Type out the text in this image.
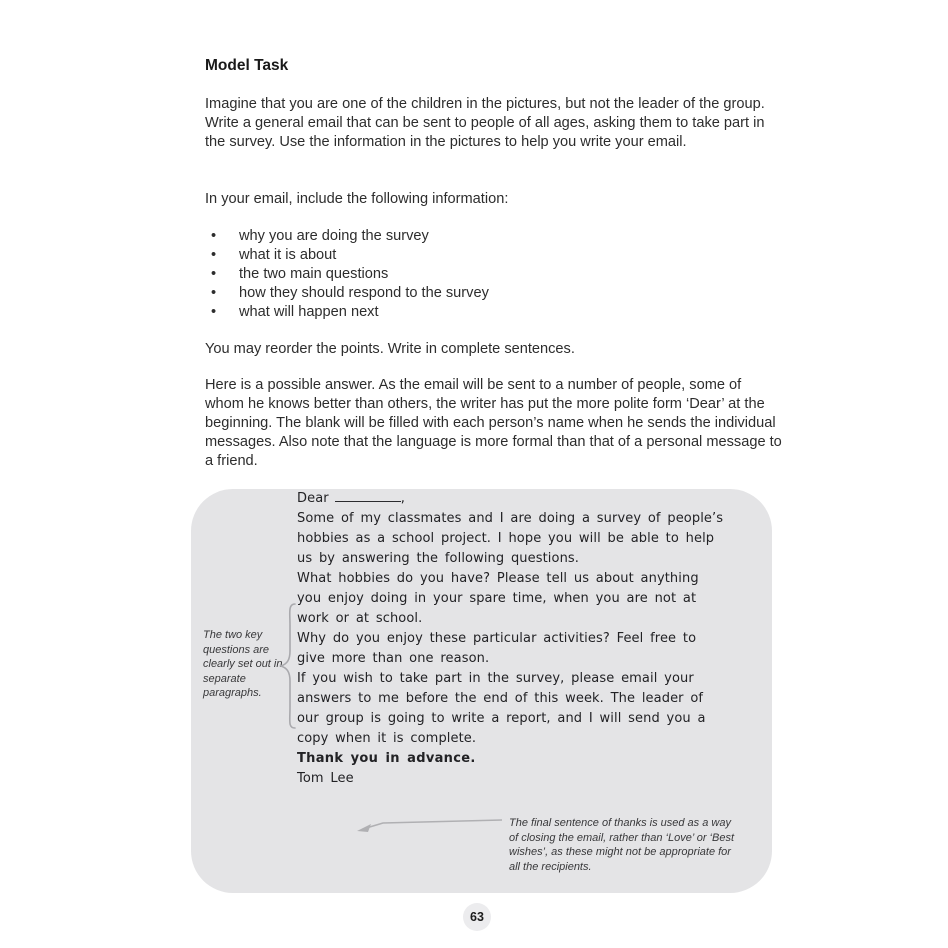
Model Task

Imagine that you are one of the children in the pictures, but not the leader of the group. Write a general email that can be sent to people of all ages, asking them to take part in the survey. Use the information in the pictures to help you write your email.

In your email, include the following information:

•	why you are doing the survey
•	what it is about
•	the two main questions
•	how they should respond to the survey
•	what will happen next

You may reorder the points. Write in complete sentences.

Here is a possible answer. As the email will be sent to a number of people, some of whom he knows better than others, the writer has put the more polite form ‘Dear’ at the beginning. The blank will be filled with each person’s name when he sends the individual messages. Also note that the language is more formal than that of a personal message to a friend.

Dear	,

Some of my classmates and I are doing a survey of people’s hobbies as a school project. I hope you will be able to help us by answering the following questions.

What hobbies do you have? Please tell us about anything you enjoy doing in your spare time, when you are not at work or at school.

Why do you enjoy these particular activities? Feel free to give more than one reason.

If you wish to take part in the survey, please email your answers to me before the end of this week. The leader of our group is going to write a report, and I will send you a copy when it is complete.

Thank you in advance.

Tom Lee

The two key questions are clearly set out in separate paragraphs.
The final sentence of thanks is used as a way of closing the email, rather than ‘Love’ or ‘Best wishes’, as these might not be appropriate for all the recipients.
63
